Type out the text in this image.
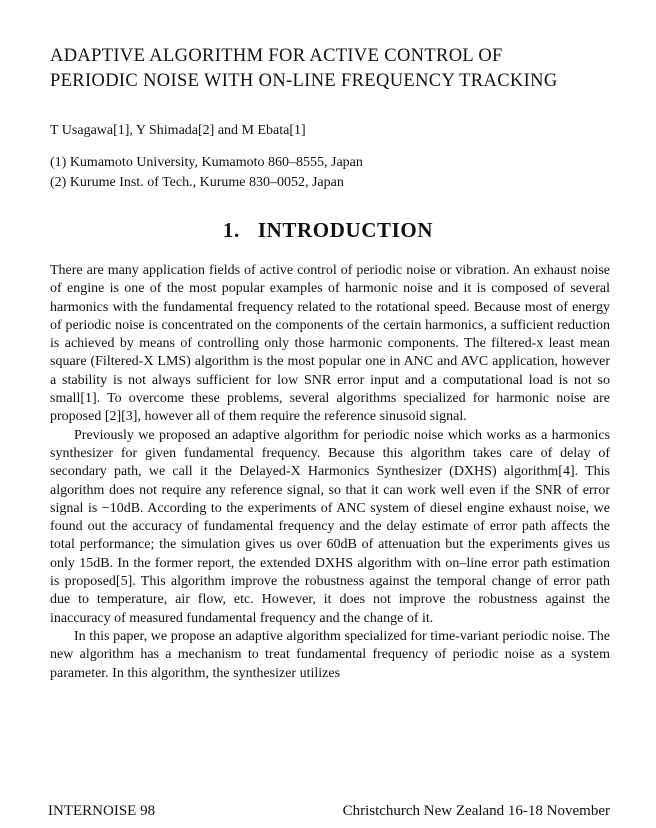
ADAPTIVE ALGORITHM FOR ACTIVE CONTROL OF
PERIODIC NOISE WITH ON-LINE FREQUENCY TRACKING
T Usagawa[1], Y Shimada[2] and M Ebata[1]
(1) Kumamoto University, Kumamoto 860–8555, Japan
(2) Kurume Inst. of Tech., Kurume 830–0052, Japan
1. INTRODUCTION

There are many application fields of active control of periodic noise or vibration. An exhaust noise of engine is one of the most popular examples of harmonic noise and it is composed of several harmonics with the fundamental frequency related to the rotational speed. Because most of energy of periodic noise is concentrated on the components of the certain harmonics, a sufficient reduction is achieved by means of controlling only those harmonic components. The filtered-x least mean square (Filtered-X LMS) algorithm is the most popular one in ANC and AVC application, however a stability is not always sufficient for low SNR error input and a computational load is not so small[1]. To overcome these problems, several algorithms specialized for harmonic noise are proposed [2][3], however all of them require the reference sinusoid signal.

Previously we proposed an adaptive algorithm for periodic noise which works as a harmonics synthesizer for given fundamental frequency. Because this algorithm takes care of delay of secondary path, we call it the Delayed-X Harmonics Synthesizer (DXHS) algorithm[4]. This algorithm does not require any reference signal, so that it can work well even if the SNR of error signal is −10dB. According to the experiments of ANC system of diesel engine exhaust noise, we found out the accuracy of fundamental frequency and the delay estimate of error path affects the total performance; the simulation gives us over 60dB of attenuation but the experiments gives us only 15dB. In the former report, the extended DXHS algorithm with on–line error path estimation is proposed[5]. This algorithm improve the robustness against the temporal change of error path due to temperature, air flow, etc. However, it does not improve the robustness against the inaccuracy of measured fundamental frequency and the change of it.

In this paper, we propose an adaptive algorithm specialized for time-variant periodic noise. The new algorithm has a mechanism to treat fundamental frequency of periodic noise as a system parameter. In this algorithm, the synthesizer utilizes

INTERNOISE 98	Christchurch New Zealand 16-18 November
